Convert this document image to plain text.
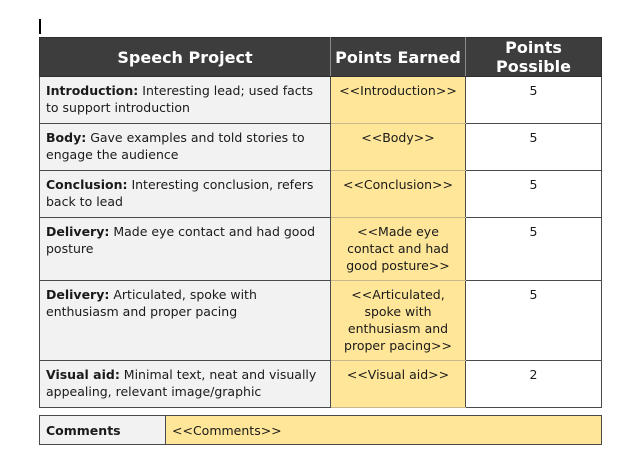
Speech Project	Points Earned	Points Possible
Introduction: Interesting lead; used facts to support introduction	<<Introduction>>	5
Body: Gave examples and told stories to engage the audience	<<Body>>	5
Conclusion: Interesting conclusion, refers back to lead	<<Conclusion>>	5
Delivery: Made eye contact and had good posture	<<Made eye contact and had good posture>>	5
Delivery: Articulated, spoke with enthusiasm and proper pacing	<<Articulated, spoke with enthusiasm and proper pacing>>	5
Visual aid: Minimal text, neat and visually appealing, relevant image/graphic	<<Visual aid>>	2
Comments	<<Comments>>
